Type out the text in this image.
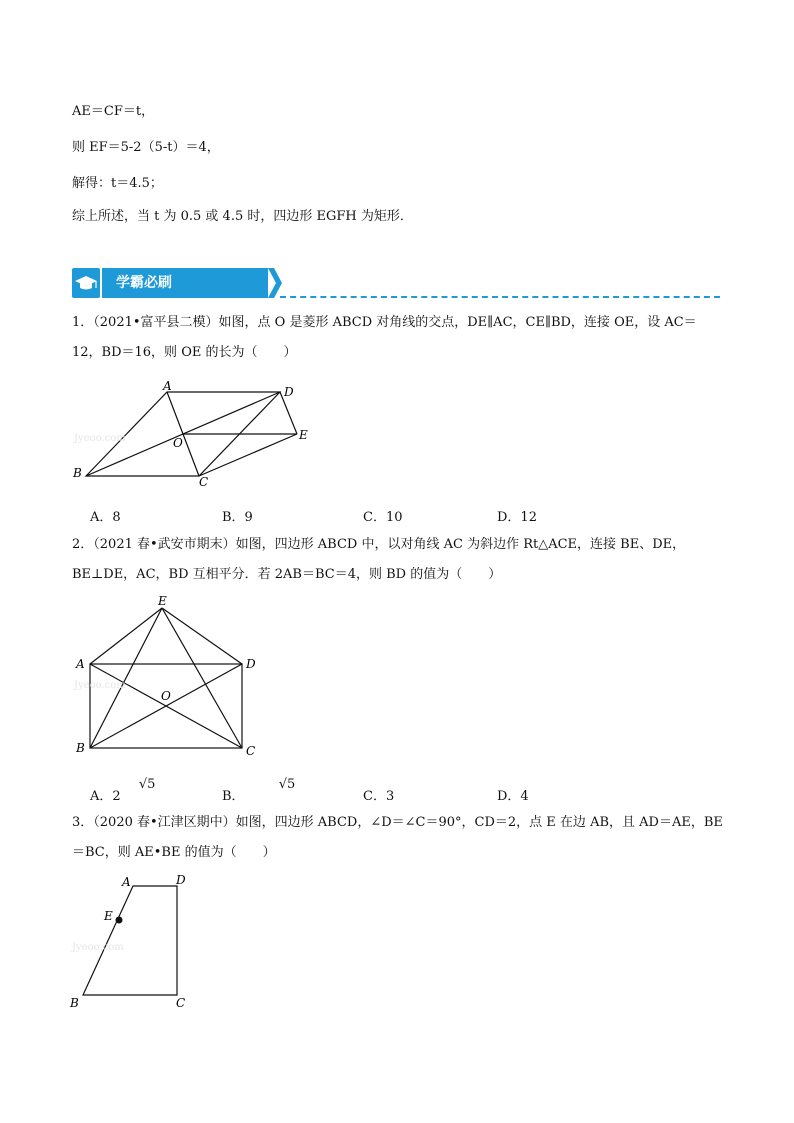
AE＝CF＝t，
则 EF＝5-2（5-t）＝4，
解得：t＝4.5；
综上所述，当 t 为 0.5 或 4.5 时，四边形 EGFH 为矩形．
学霸必刷
1．（2021•富平县二模）如图，点 O 是菱形 ABCD 对角线的交点，DE∥AC，CE∥BD，连接 OE，设 AC＝
12，BD＝16，则 OE 的长为（　　）
Jyeoo.com
A	D
E
O
B
C
A．8	B．9	C．10	D．12
2．（2021 春•武安市期末）如图，四边形 ABCD 中，以对角线 AC 为斜边作 Rt△ACE，连接 BE、DE，
BE⊥DE，AC，BD 互相平分．若 2AB＝BC＝4，则 BD 的值为（　　）
Jyeoo.com
E
A	D
O
B	C
A．2 √5
B． √5
C．3	D．4
3．（2020 春•江津区期中）如图，四边形 ABCD，∠D＝∠C＝90°，CD＝2，点 E 在边 AB，且 AD＝AE，BE
＝BC，则 AE•BE 的值为（　　）
Jyeoo.com
A	D
E
B	C
